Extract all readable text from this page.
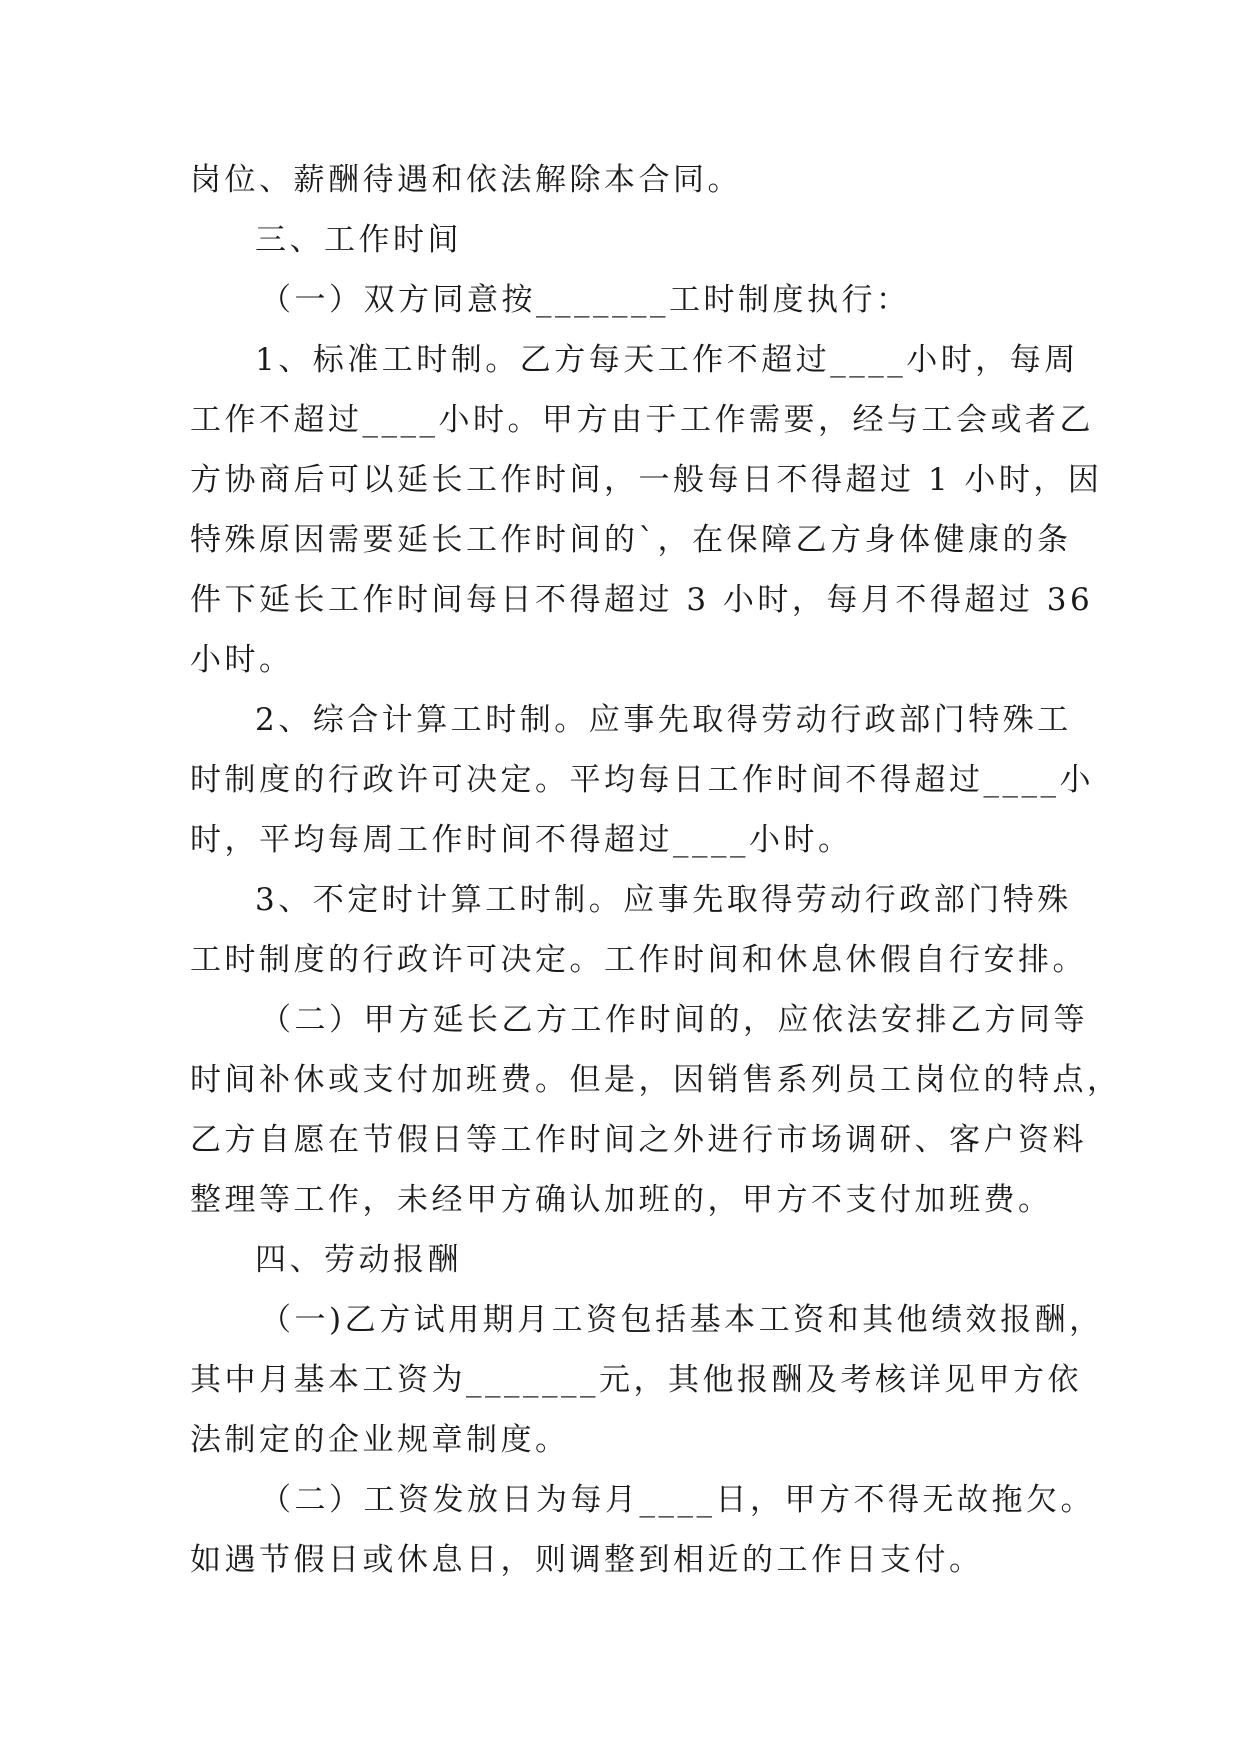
岗位、薪酬待遇和依法解除本合同。
三、工作时间
（一）双方同意按_______工时制度执行：
1、标准工时制。乙方每天工作不超过____小时，每周
工作不超过____小时。甲方由于工作需要，经与工会或者乙
方协商后可以延长工作时间，一般每日不得超过 1 小时，因
特殊原因需要延长工作时间的`，在保障乙方身体健康的条
件下延长工作时间每日不得超过 3 小时，每月不得超过 36
小时。
2、综合计算工时制。应事先取得劳动行政部门特殊工
时制度的行政许可决定。平均每日工作时间不得超过____小
时，平均每周工作时间不得超过____小时。
3、不定时计算工时制。应事先取得劳动行政部门特殊
工时制度的行政许可决定。工作时间和休息休假自行安排。
（二）甲方延长乙方工作时间的，应依法安排乙方同等
时间补休或支付加班费。但是，因销售系列员工岗位的特点，
乙方自愿在节假日等工作时间之外进行市场调研、客户资料
整理等工作，未经甲方确认加班的，甲方不支付加班费。
四、劳动报酬
（一)乙方试用期月工资包括基本工资和其他绩效报酬，
其中月基本工资为_______元，其他报酬及考核详见甲方依
法制定的企业规章制度。
（二）工资发放日为每月____日，甲方不得无故拖欠。
如遇节假日或休息日，则调整到相近的工作日支付。
